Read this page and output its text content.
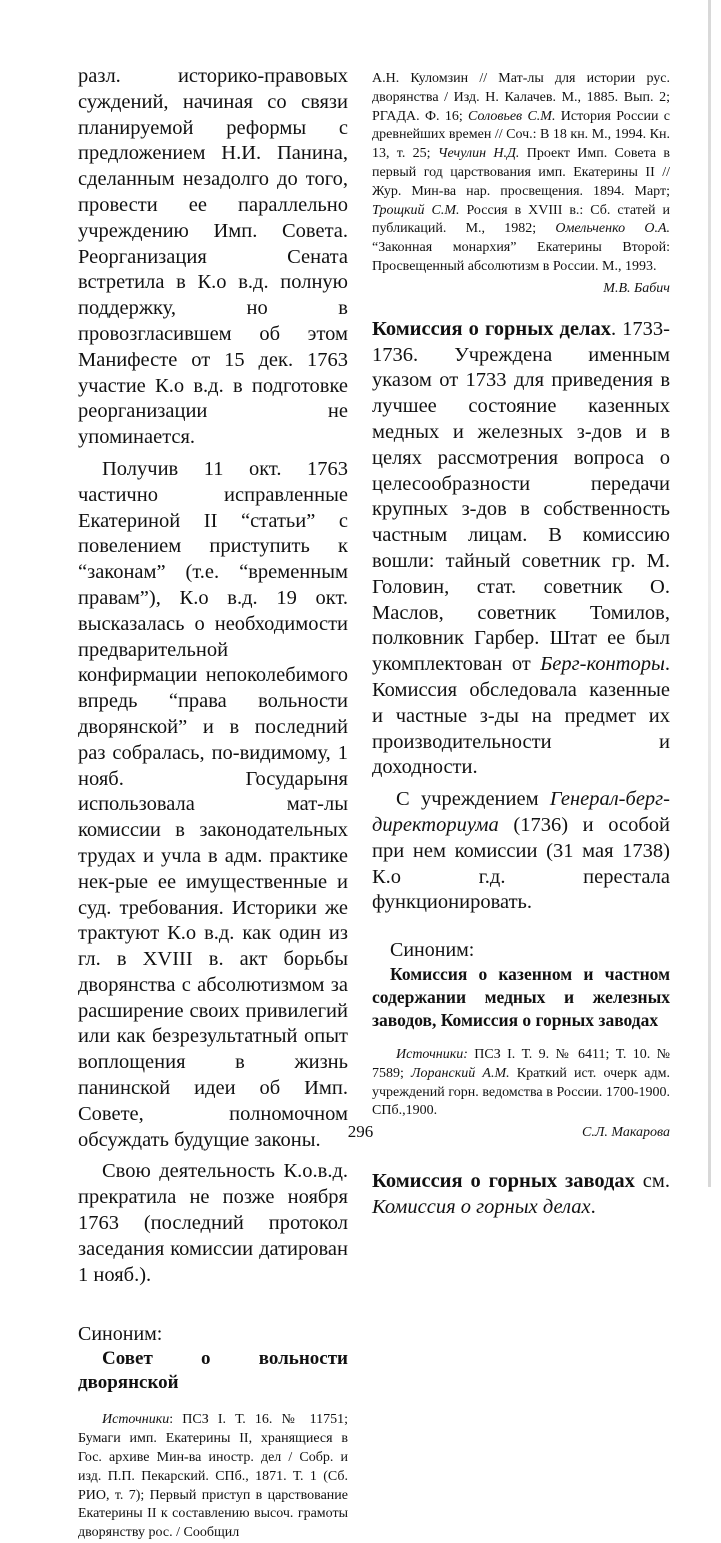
разл. историко-правовых суждений, начиная со связи планируемой реформы с предложением Н.И. Панина, сделанным незадолго до того, провести ее параллельно учреждению Имп. Совета. Реорганизация Сената встретила в К.о в.д. полную поддержку, но в провозгласившем об этом Манифесте от 15 дек. 1763 участие К.о в.д. в подготовке реорганизации не упоминается.

Получив 11 окт. 1763 частично исправленные Екатериной II “статьи” с повелением приступить к “законам” (т.е. “временным правам”), К.о в.д. 19 окт. высказалась о необходимости предварительной конфирмации непоколебимого впредь “права вольности дворянской” и в последний раз собралась, по-видимому, 1 нояб. Государыня использовала мат-лы комиссии в законодательных трудах и учла в адм. практике нек-рые ее имущественные и суд. требования. Историки же трактуют К.о в.д. как один из гл. в XVIII в. акт борьбы дворянства с абсолютизмом за расширение своих привилегий или как безрезультатный опыт воплощения в жизнь панинской идеи об Имп. Совете, полномочном обсуждать будущие законы.

Свою деятельность К.о.в.д. прекратила не позже ноября 1763 (последний протокол заседания комиссии датирован 1 нояб.).

Синоним:

Совет о вольности дворянской

Источники: ПСЗ I. Т. 16. № 11751; Бумаги имп. Екатерины II, хранящиеся в Гос. архиве Мин-ва иностр. дел / Собр. и изд. П.П. Пекарский. СПб., 1871. Т. 1 (Сб. РИО, т. 7); Первый приступ в царствование Екатерины II к составлению высоч. грамоты дворянству рос. / Сообщил

А.Н. Куломзин // Мат-лы для истории рус. дворянства / Изд. Н. Калачев. М., 1885. Вып. 2; РГАДА. Ф. 16; Соловьев С.М. История России с древнейших времен // Соч.: В 18 кн. М., 1994. Кн. 13, т. 25; Чечулин Н.Д. Проект Имп. Совета в первый год царствования имп. Екатерины II // Жур. Мин-ва нар. просвещения. 1894. Март; Трощкий С.М. Россия в XVIII в.: Сб. статей и публикаций. М., 1982; Омельченко О.А. “Законная монархия” Екатерины Второй: Просвещенный абсолютизм в России. М., 1993.

М.В. Бабич

Комиссия о горных делах. 1733-1736. Учреждена именным указом от 1733 для приведения в лучшее состояние казенных медных и железных з-дов и в целях рассмотрения вопроса о целесообразности передачи крупных з-дов в собственность частным лицам. В комиссию вошли: тайный советник гр. М. Головин, стат. советник О. Маслов, советник Томилов, полковник Гарбер. Штат ее был укомплектован от Берг-конторы. Комиссия обследовала казенные и частные з-ды на предмет их производительности и доходности.

С учреждением Генерал-берг-директориума (1736) и особой при нем комиссии (31 мая 1738) К.о г.д. перестала функционировать.

Синоним:

Комиссия о казенном и частном содержании медных и железных заводов, Комиссия о горных заводах

Источники: ПСЗ I. Т. 9. № 6411; Т. 10. № 7589; Лоранский А.М. Краткий ист. очерк адм. учреждений горн. ведомства в России. 1700-1900. СПб.,1900.

С.Л. Макарова

Комиссия о горных заводах см. Комиссия о горных делах.

296
